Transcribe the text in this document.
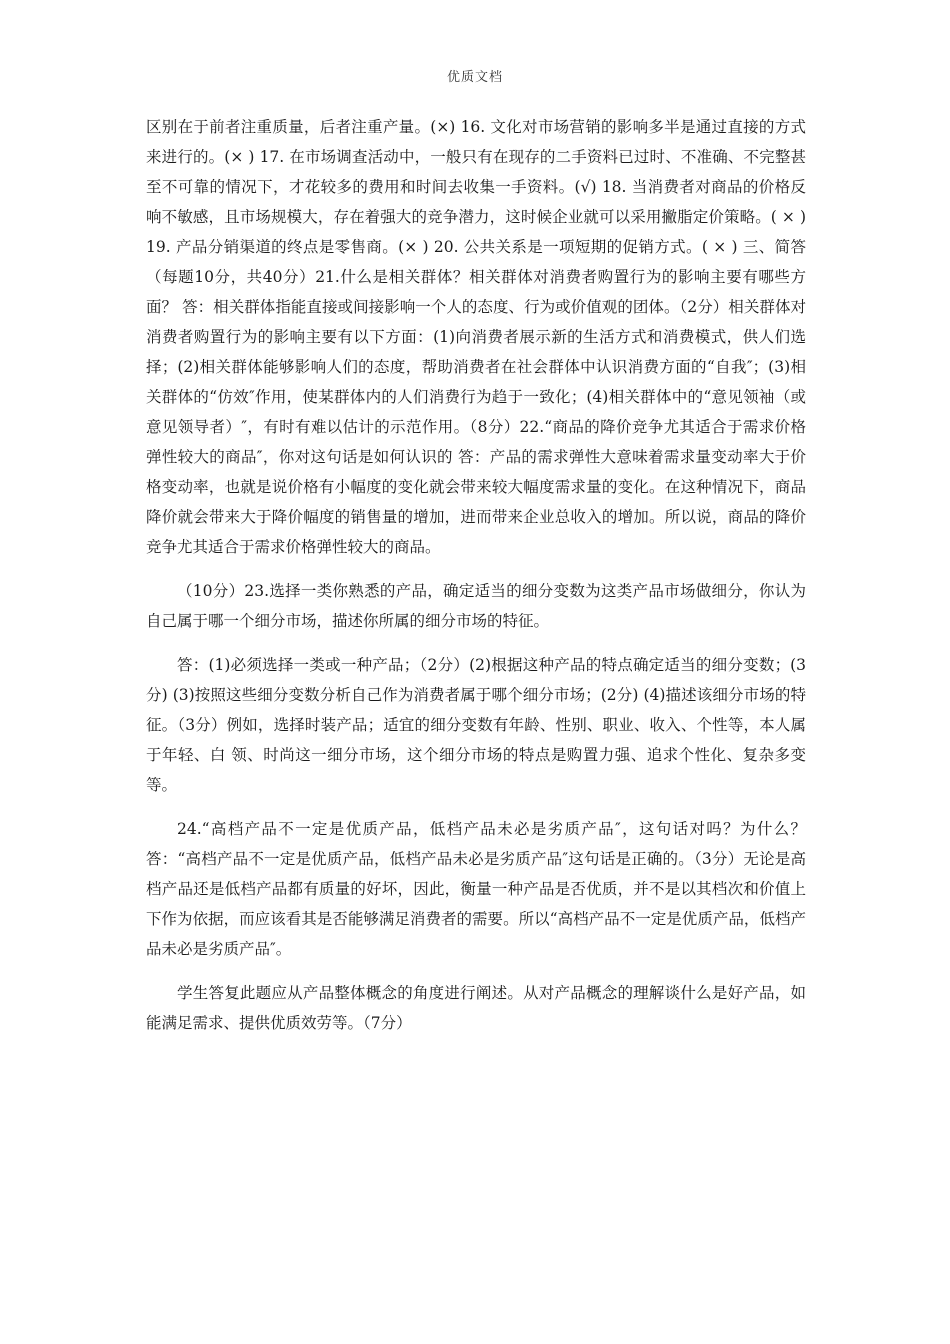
优质文档

区别在于前者注重质量，后者注重产量。(×) 16. 文化对市场营销的影响多半是通过直接的方式来进行的。(× ) 17. 在市场调查活动中，一般只有在现存的二手资料已过时、不准确、不完整甚至不可靠的情况下，才花较多的费用和时间去收集一手资料。(√) 18. 当消费者对商品的价格反响不敏感，且市场规模大，存在着强大的竞争潜力，这时候企业就可以采用撇脂定价策略。( × ) 19. 产品分销渠道的终点是零售商。(× ) 20. 公共关系是一项短期的促销方式。( × ) 三、简答（每题10分，共40分）21.什么是相关群体？相关群体对消费者购置行为的影响主要有哪些方面？ 答：相关群体指能直接或间接影响一个人的态度、行为或价值观的团体。（2分）相关群体对消费者购置行为的影响主要有以下方面：(1)向消费者展示新的生活方式和消费模式，供人们选择；(2)相关群体能够影响人们的态度，帮助消费者在社会群体中认识消费方面的“自我″；(3)相关群体的“仿效″作用，使某群体内的人们消费行为趋于一致化；(4)相关群体中的“意见领袖（或意见领导者）″，有时有难以估计的示范作用。（8分）22.“商品的降价竞争尤其适合于需求价格弹性较大的商品″，你对这句话是如何认识的 答：产品的需求弹性大意味着需求量变动率大于价格变动率，也就是说价格有小幅度的变化就会带来较大幅度需求量的变化。在这种情况下，商品降价就会带来大于降价幅度的销售量的增加，进而带来企业总收入的增加。所以说，商品的降价竞争尤其适合于需求价格弹性较大的商品。

（10分）23.选择一类你熟悉的产品，确定适当的细分变数为这类产品市场做细分，你认为自己属于哪一个细分市场，描述你所属的细分市场的特征。

答：(1)必须选择一类或一种产品；（2分）(2)根据这种产品的特点确定适当的细分变数；(3分) (3)按照这些细分变数分析自己作为消费者属于哪个细分市场；(2分) (4)描述该细分市场的特征。（3分）例如，选择时装产品；适宜的细分变数有年龄、性别、职业、收入、个性等，本人属于年轻、白 领、时尚这一细分市场，这个细分市场的特点是购置力强、追求个性化、复杂多变等。

24.“高档产品不一定是优质产品，低档产品未必是劣质产品″，这句话对吗？为什么？ 答：“高档产品不一定是优质产品，低档产品未必是劣质产品″这句话是正确的。（3分）无论是高档产品还是低档产品都有质量的好坏，因此，衡量一种产品是否优质，并不是以其档次和价值上下作为依据，而应该看其是否能够满足消费者的需要。所以“高档产品不一定是优质产品，低档产品未必是劣质产品″。

学生答复此题应从产品整体概念的角度进行阐述。从对产品概念的理解谈什么是好产品，如能满足需求、提供优质效劳等。（7分）
